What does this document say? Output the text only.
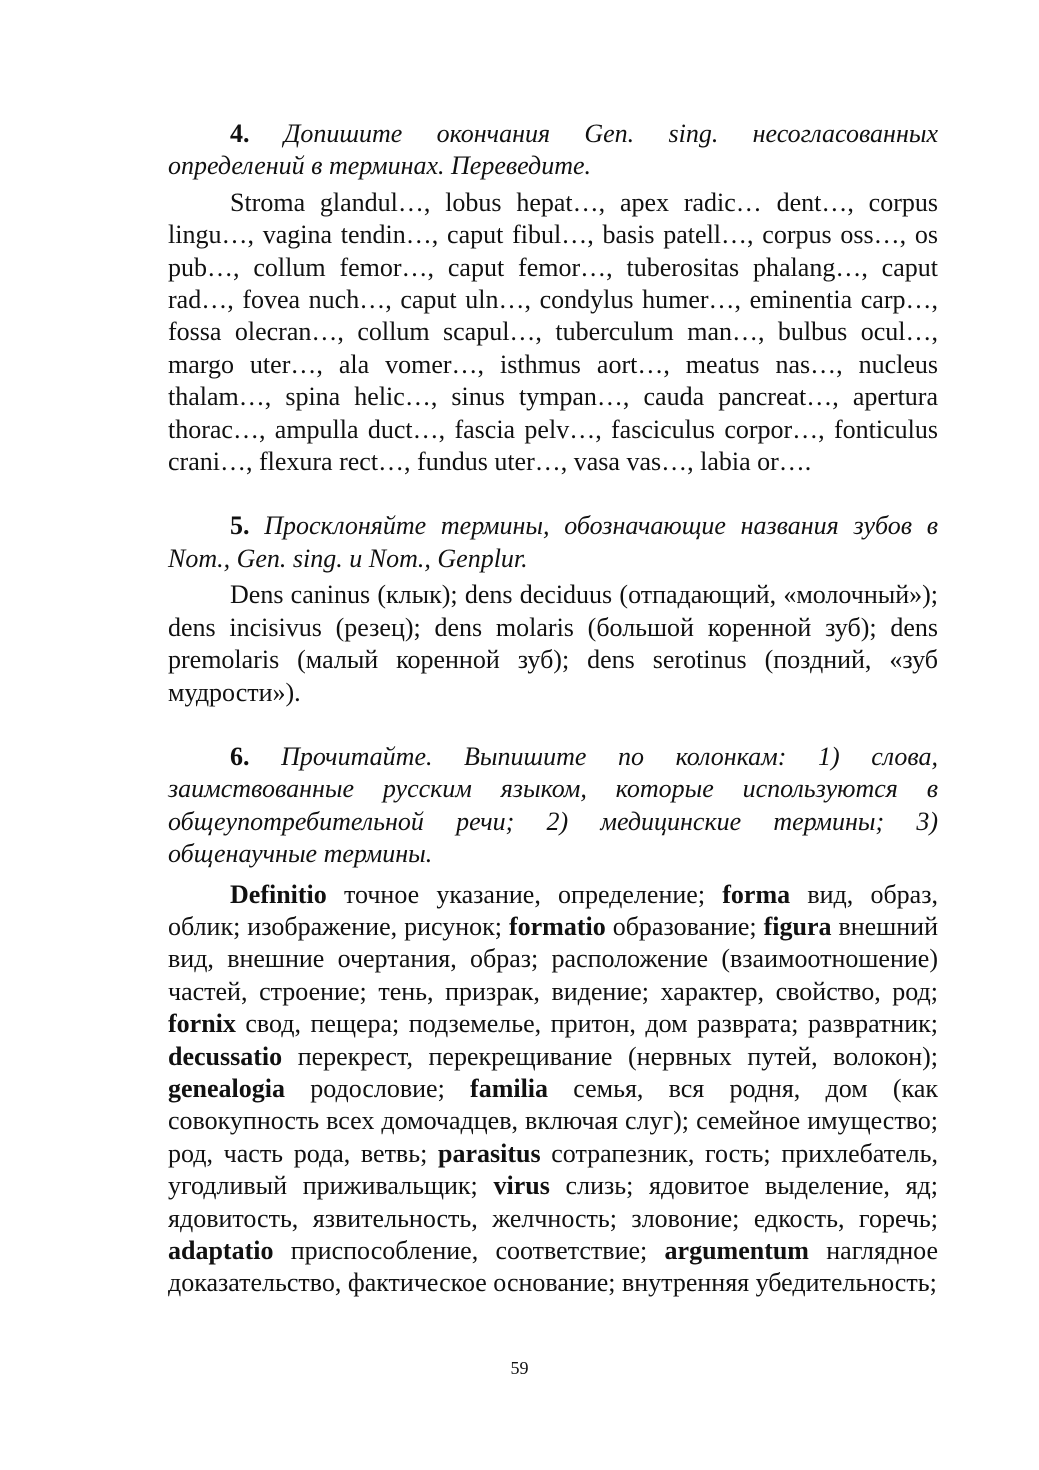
4. Допишите окончания Gen. sing. несогласованных определений в терминах. Переведите.

Stroma glandul…, lobus hepat…, apex radic… dent…, corpus lingu…, vagina tendin…, caput fibul…, basis patell…, corpus oss…, os pub…, collum femor…, caput femor…, tuberositas phalang…, caput rad…, fovea nuch…, caput uln…, condylus humer…, eminentia carp…, fossa olecran…, collum scapul…, tuberculum man…, bulbus ocul…, margo uter…, ala vomer…, isthmus aort…, meatus nas…, nucleus thalam…, spina helic…, sinus tympan…, cauda pancreat…, apertura thorac…, ampulla duct…, fascia pelv…, fasciculus corpor…, fonticulus crani…, flexura rect…, fundus uter…, vasa vas…, labia or….

5. Просклоняйте термины, обозначающие названия зубов в Nom., Gen. sing. и Nom., Genplur.

Dens caninus (клык); dens deciduus (отпадающий, «молочный»); dens incisivus (резец); dens molaris (большой коренной зуб); dens premolaris (малый коренной зуб); dens serotinus (поздний, «зуб мудрости»).

6. Прочитайте. Выпишите по колонкам: 1) слова, заимствованные русским языком, которые используются в общеупотребительной речи; 2) медицинские термины; 3) общенаучные термины.

Definitio точное указание, определение; forma вид, образ, облик; изображение, рисунок; formatio образование; figura внешний вид, внешние очертания, образ; расположение (взаимоотношение) частей, строение; тень, призрак, видение; характер, свойство, род; fornix свод, пещера; подземелье, притон, дом разврата; развратник; decussatio перекрест, перекрещивание (нервных путей, волокон); genealogia родословие; familia семья, вся родня, дом (как совокупность всех домочадцев, включая слуг); семейное имущество; род, часть рода, ветвь; parasitus сотрапезник, гость; прихлебатель, угодливый приживальщик; virus слизь; ядовитое выделение, яд; ядовитость, язвительность, желчность; зловоние; едкость, горечь; adaptatio приспособление, соответствие; argumentum наглядное доказательство, фактическое основание; внутренняя убедительность;

59
